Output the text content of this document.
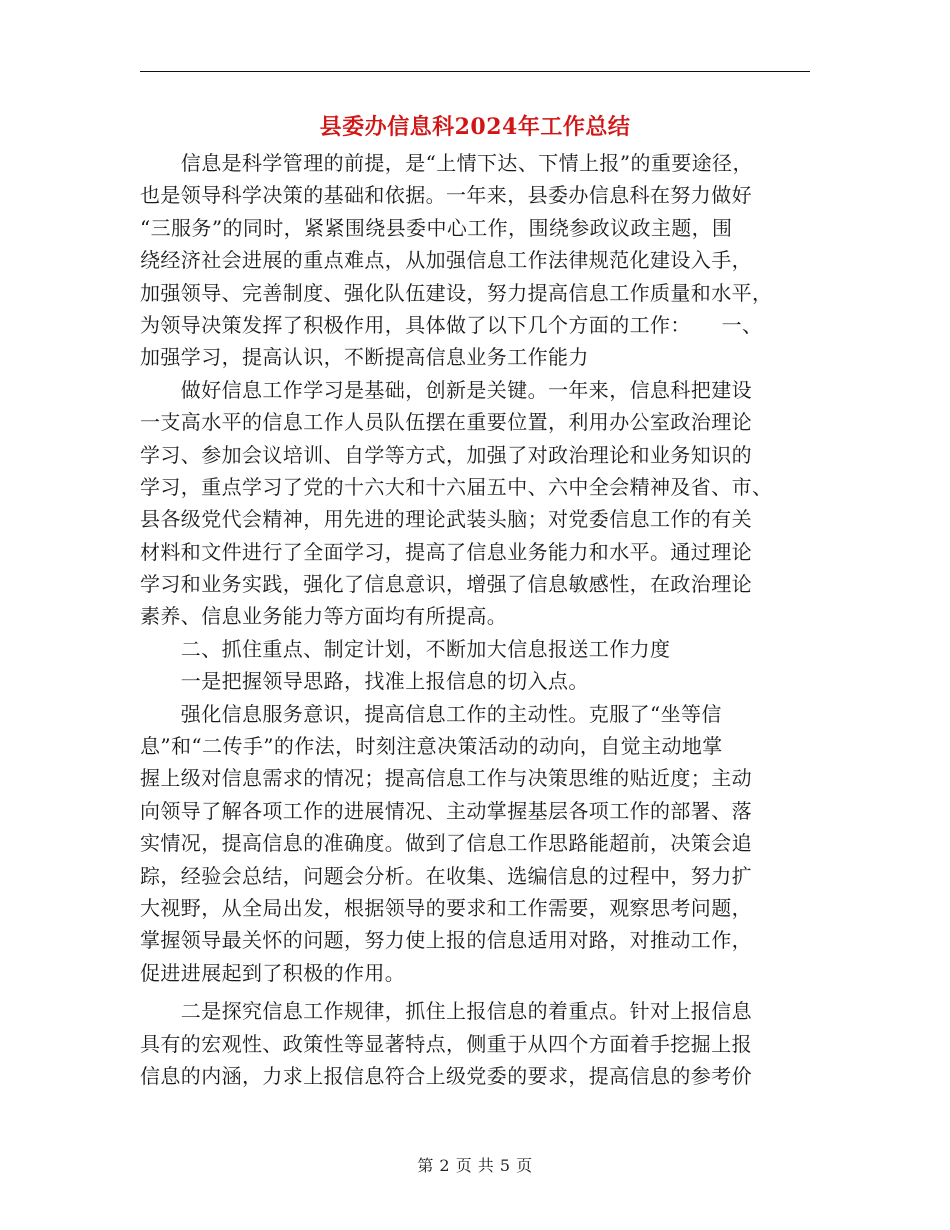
县委办信息科2024年工作总结
　　信息是科学管理的前提，是“上情下达、下情上报”的重要途径，
也是领导科学决策的基础和依据。一年来，县委办信息科在努力做好
“三服务”的同时，紧紧围绕县委中心工作，围绕参政议政主题，围
绕经济社会进展的重点难点，从加强信息工作法律规范化建设入手，
加强领导、完善制度、强化队伍建设，努力提高信息工作质量和水平，
为领导决策发挥了积极作用，具体做了以下几个方面的工作：　　一、
加强学习，提高认识，不断提高信息业务工作能力
　　做好信息工作学习是基础，创新是关键。一年来，信息科把建设
一支高水平的信息工作人员队伍摆在重要位置，利用办公室政治理论
学习、参加会议培训、自学等方式，加强了对政治理论和业务知识的
学习，重点学习了党的十六大和十六届五中、六中全会精神及省、市、
县各级党代会精神，用先进的理论武装头脑；对党委信息工作的有关
材料和文件进行了全面学习，提高了信息业务能力和水平。通过理论
学习和业务实践，强化了信息意识，增强了信息敏感性，在政治理论
素养、信息业务能力等方面均有所提高。
　　二、抓住重点、制定计划，不断加大信息报送工作力度
　　一是把握领导思路，找准上报信息的切入点。
　　强化信息服务意识，提高信息工作的主动性。克服了“坐等信
息”和“二传手”的作法，时刻注意决策活动的动向，自觉主动地掌
握上级对信息需求的情况；提高信息工作与决策思维的贴近度；主动
向领导了解各项工作的进展情况、主动掌握基层各项工作的部署、落
实情况，提高信息的准确度。做到了信息工作思路能超前，决策会追
踪，经验会总结，问题会分析。在收集、选编信息的过程中，努力扩
大视野，从全局出发，根据领导的要求和工作需要，观察思考问题，
掌握领导最关怀的问题，努力使上报的信息适用对路，对推动工作，
促进进展起到了积极的作用。
　　二是探究信息工作规律，抓住上报信息的着重点。针对上报信息
具有的宏观性、政策性等显著特点，侧重于从四个方面着手挖掘上报
信息的内涵，力求上报信息符合上级党委的要求，提高信息的参考价
第 2 页 共 5 页
